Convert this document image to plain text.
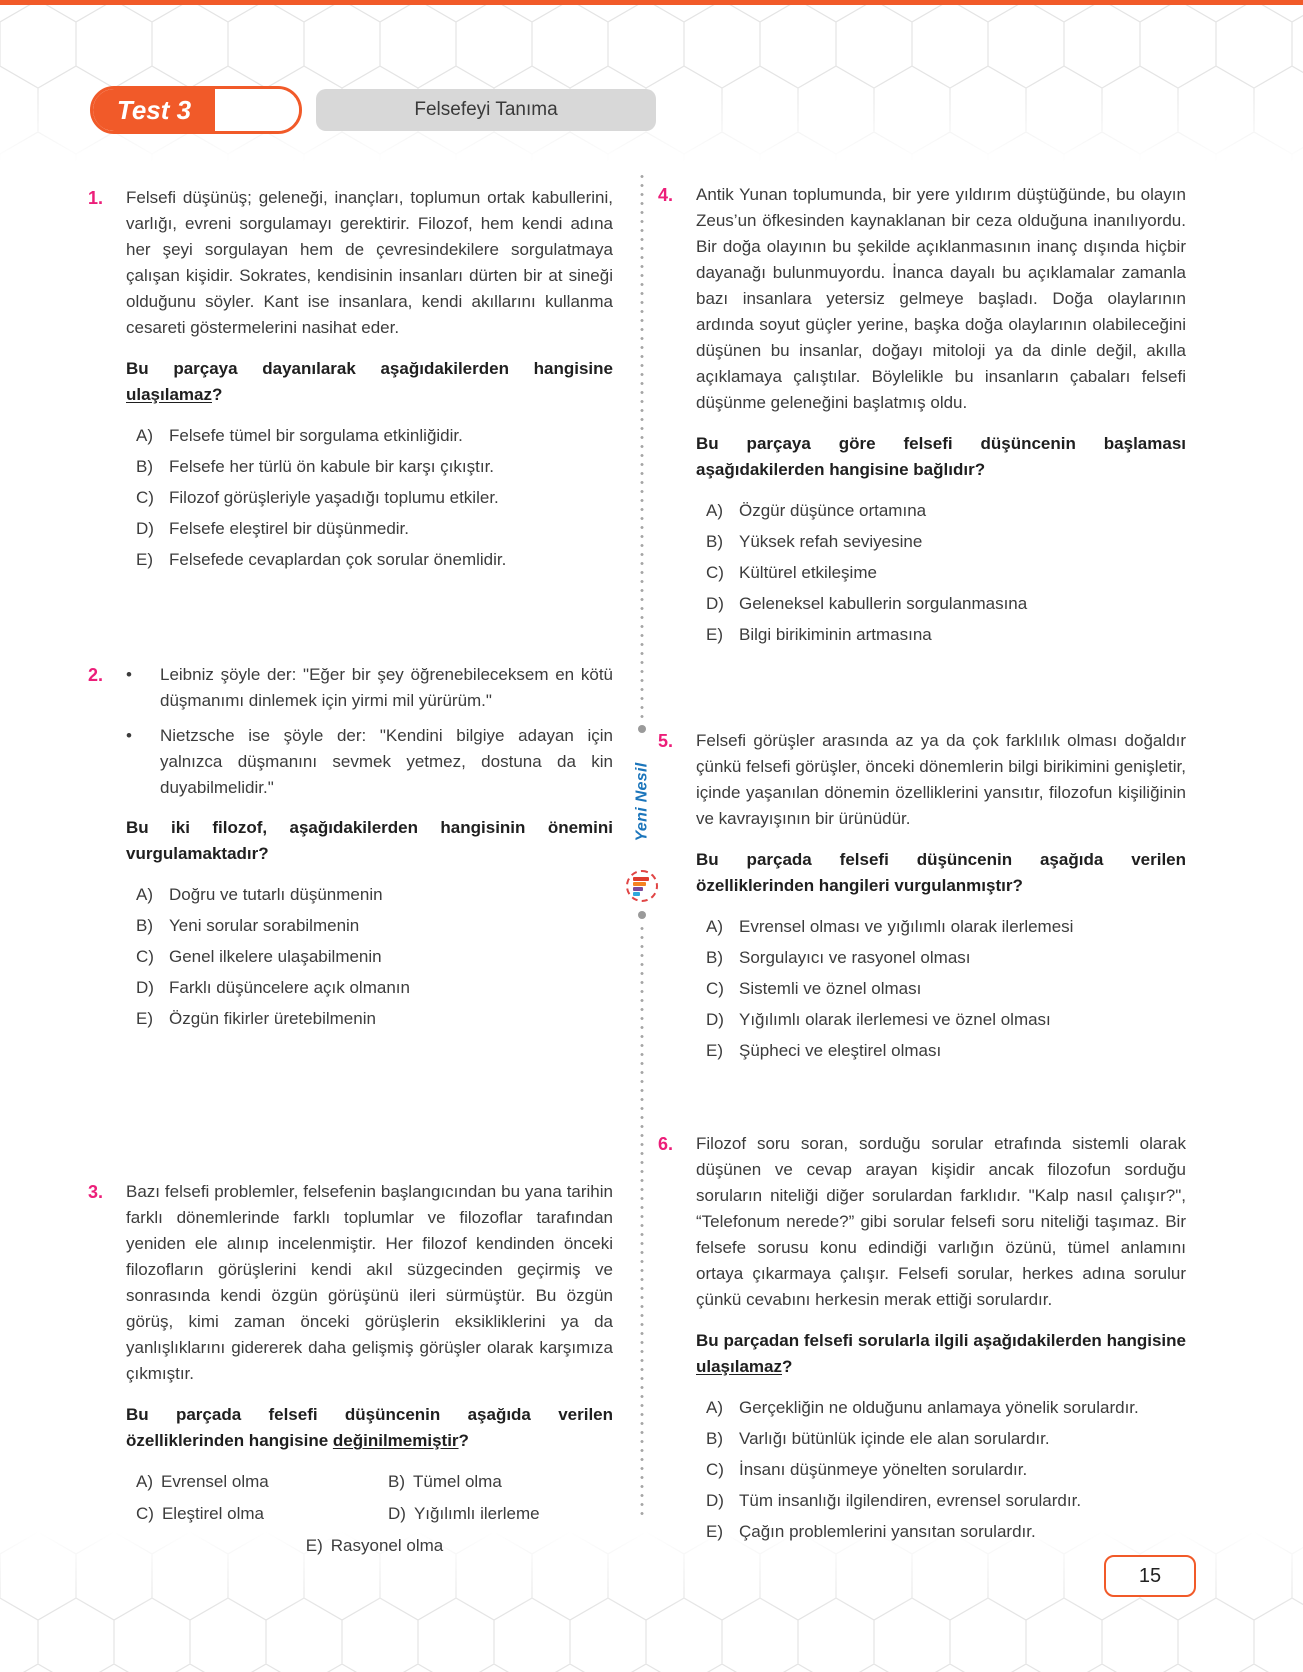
Test 3	Felsefeyi Tanıma
Yeni Nesil
1.	Felsefi düşünüş; geleneği, inançları, toplumun ortak kabullerini, varlığı, evreni sorgulamayı gerektirir. Filozof, hem kendi adına her şeyi sorgulayan hem de çevresindekilere sorgulatmaya çalışan kişidir. Sokrates, kendisinin insanları dürten bir at sineği olduğunu söyler. Kant ise insanlara, kendi akıllarını kullanma cesareti göstermelerini nasihat eder.

Bu parçaya dayanılarak aşağıdakilerden hangisine ulaşılamaz?

A) Felsefe tümel bir sorgulama etkinliğidir.
B) Felsefe her türlü ön kabule bir karşı çıkıştır.
C) Filozof görüşleriyle yaşadığı toplumu etkiler.
D) Felsefe eleştirel bir düşünmedir.
E) Felsefede cevaplardan çok sorular önemlidir.
2.	•	Leibniz şöyle der: "Eğer bir şey öğrenebileceksem en kötü düşmanımı dinlemek için yirmi mil yürürüm."
•	Nietzsche ise şöyle der: "Kendini bilgiye adayan için yalnızca düşmanını sevmek yetmez, dostuna da kin duyabilmelidir."

Bu iki filozof, aşağıdakilerden hangisinin önemini vurgulamaktadır?

A) Doğru ve tutarlı düşünmenin
B) Yeni sorular sorabilmenin
C) Genel ilkelere ulaşabilmenin
D) Farklı düşüncelere açık olmanın
E) Özgün fikirler üretebilmenin
3.	Bazı felsefi problemler, felsefenin başlangıcından bu yana tarihin farklı dönemlerinde farklı toplumlar ve filozoflar tarafından yeniden ele alınıp incelenmiştir. Her filozof kendinden önceki filozofların görüşlerini kendi akıl süzgecinden geçirmiş ve sonrasında kendi özgün görüşünü ileri sürmüştür. Bu özgün görüş, kimi zaman önceki görüşlerin eksikliklerini ya da yanlışlıklarını gidererek daha gelişmiş görüşler olarak karşımıza çıkmıştır.

Bu parçada felsefi düşüncenin aşağıda verilen özelliklerinden hangisine değinilmemiştir?

A) Evrensel olma	B) Tümel olma
C) Eleştirel olma	D) Yığılımlı ilerleme
E) Rasyonel olma
4.	Antik Yunan toplumunda, bir yere yıldırım düştüğünde, bu olayın Zeus’un öfkesinden kaynaklanan bir ceza olduğuna inanılıyordu. Bir doğa olayının bu şekilde açıklanmasının inanç dışında hiçbir dayanağı bulunmuyordu. İnanca dayalı bu açıklamalar zamanla bazı insanlara yetersiz gelmeye başladı. Doğa olaylarının ardında soyut güçler yerine, başka doğa olaylarının olabileceğini düşünen bu insanlar, doğayı mitoloji ya da dinle değil, akılla açıklamaya çalıştılar. Böylelikle bu insanların çabaları felsefi düşünme geleneğini başlatmış oldu.

Bu parçaya göre felsefi düşüncenin başlaması aşağıdakilerden hangisine bağlıdır?

A) Özgür düşünce ortamına
B) Yüksek refah seviyesine
C) Kültürel etkileşime
D) Geleneksel kabullerin sorgulanmasına
E) Bilgi birikiminin artmasına
5.	Felsefi görüşler arasında az ya da çok farklılık olması doğaldır çünkü felsefi görüşler, önceki dönemlerin bilgi birikimini genişletir, içinde yaşanılan dönemin özelliklerini yansıtır, filozofun kişiliğinin ve kavrayışının bir ürünüdür.

Bu parçada felsefi düşüncenin aşağıda verilen özelliklerinden hangileri vurgulanmıştır?

A) Evrensel olması ve yığılımlı olarak ilerlemesi
B) Sorgulayıcı ve rasyonel olması
C) Sistemli ve öznel olması
D) Yığılımlı olarak ilerlemesi ve öznel olması
E) Şüpheci ve eleştirel olması
6.	Filozof soru soran, sorduğu sorular etrafında sistemli olarak düşünen ve cevap arayan kişidir ancak filozofun sorduğu soruların niteliği diğer sorulardan farklıdır. "Kalp nasıl çalışır?", “Telefonum nerede?” gibi sorular felsefi soru niteliği taşımaz. Bir felsefe sorusu konu edindiği varlığın özünü, tümel anlamını ortaya çıkarmaya çalışır. Felsefi sorular, herkes adına sorulur çünkü cevabını herkesin merak ettiği sorulardır.

Bu parçadan felsefi sorularla ilgili aşağıdakilerden hangisine ulaşılamaz?

A) Gerçekliğin ne olduğunu anlamaya yönelik sorulardır.
B) Varlığı bütünlük içinde ele alan sorulardır.
C) İnsanı düşünmeye yönelten sorulardır.
D) Tüm insanlığı ilgilendiren, evrensel sorulardır.
E) Çağın problemlerini yansıtan sorulardır.
15
